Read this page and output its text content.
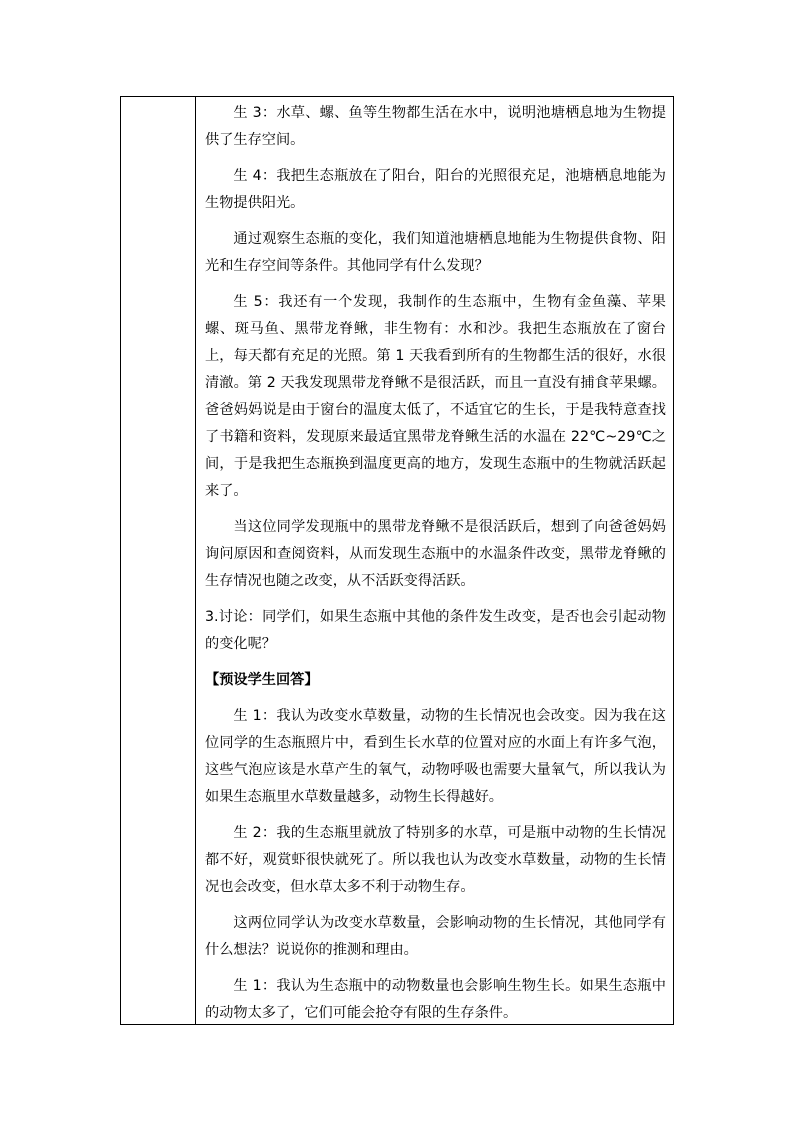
生 3：水草、螺、鱼等生物都生活在水中，说明池塘栖息地为生物提供了生存空间。

生 4：我把生态瓶放在了阳台，阳台的光照很充足，池塘栖息地能为生物提供阳光。

通过观察生态瓶的变化，我们知道池塘栖息地能为生物提供食物、阳光和生存空间等条件。其他同学有什么发现？

生 5：我还有一个发现，我制作的生态瓶中，生物有金鱼藻、苹果螺、斑马鱼、黑带龙脊鳅，非生物有：水和沙。我把生态瓶放在了窗台上，每天都有充足的光照。第 1 天我看到所有的生物都生活的很好，水很清澈。第 2 天我发现黑带龙脊鳅不是很活跃，而且一直没有捕食苹果螺。爸爸妈妈说是由于窗台的温度太低了，不适宜它的生长，于是我特意查找了书籍和资料，发现原来最适宜黑带龙脊鳅生活的水温在 22℃~29℃之间，于是我把生态瓶换到温度更高的地方，发现生态瓶中的生物就活跃起来了。

当这位同学发现瓶中的黑带龙脊鳅不是很活跃后，想到了向爸爸妈妈询问原因和查阅资料，从而发现生态瓶中的水温条件改变，黑带龙脊鳅的生存情况也随之改变，从不活跃变得活跃。

3.讨论：同学们，如果生态瓶中其他的条件发生改变，是否也会引起动物的变化呢？

【预设学生回答】

生 1：我认为改变水草数量，动物的生长情况也会改变。因为我在这位同学的生态瓶照片中，看到生长水草的位置对应的水面上有许多气泡，这些气泡应该是水草产生的氧气，动物呼吸也需要大量氧气，所以我认为如果生态瓶里水草数量越多，动物生长得越好。

生 2：我的生态瓶里就放了特别多的水草，可是瓶中动物的生长情况都不好，观赏虾很快就死了。所以我也认为改变水草数量，动物的生长情况也会改变，但水草太多不利于动物生存。

这两位同学认为改变水草数量，会影响动物的生长情况，其他同学有什么想法？说说你的推测和理由。

生 1：我认为生态瓶中的动物数量也会影响生物生长。如果生态瓶中的动物太多了，它们可能会抢夺有限的生存条件。
